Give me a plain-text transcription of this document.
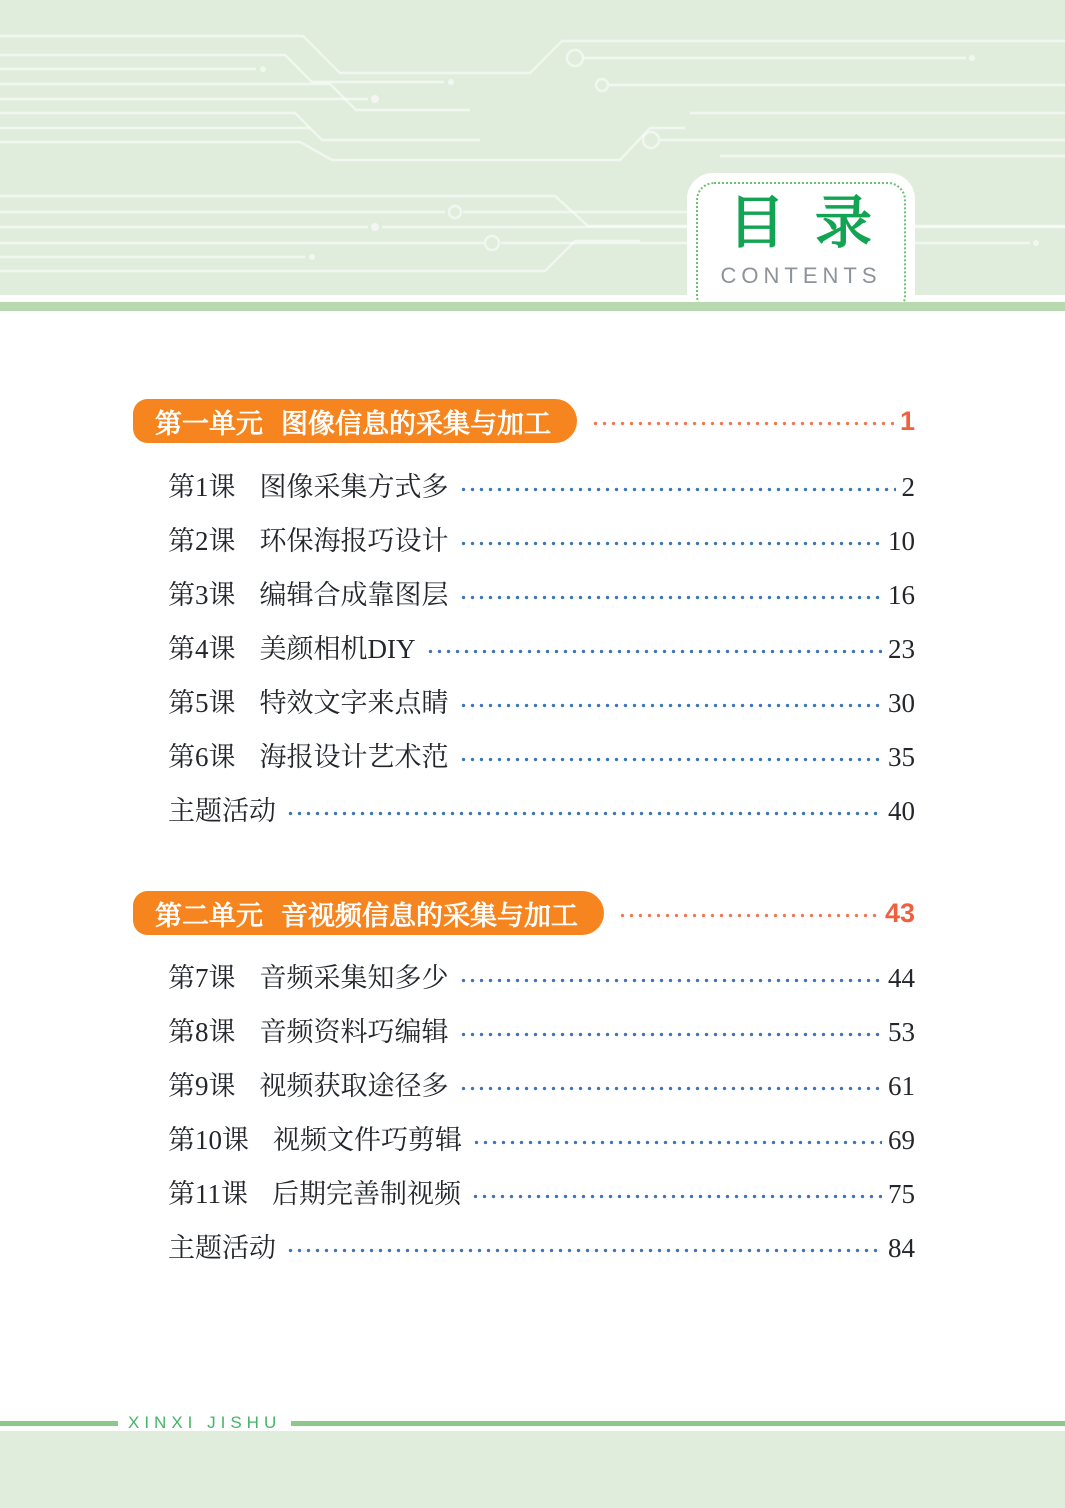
目 录
CONTENTS
第一单元 图像信息的采集与加工	1
第1课 图像采集方式多	2
第2课 环保海报巧设计	10
第3课 编辑合成靠图层	16
第4课 美颜相机DIY	23
第5课 特效文字来点睛	30
第6课 海报设计艺术范	35
主题活动	40
第二单元 音视频信息的采集与加工	43
第7课 音频采集知多少	44
第8课 音频资料巧编辑	53
第9课 视频获取途径多	61
第10课 视频文件巧剪辑	69
第11课 后期完善制视频	75
主题活动	84
XINXI JISHU
